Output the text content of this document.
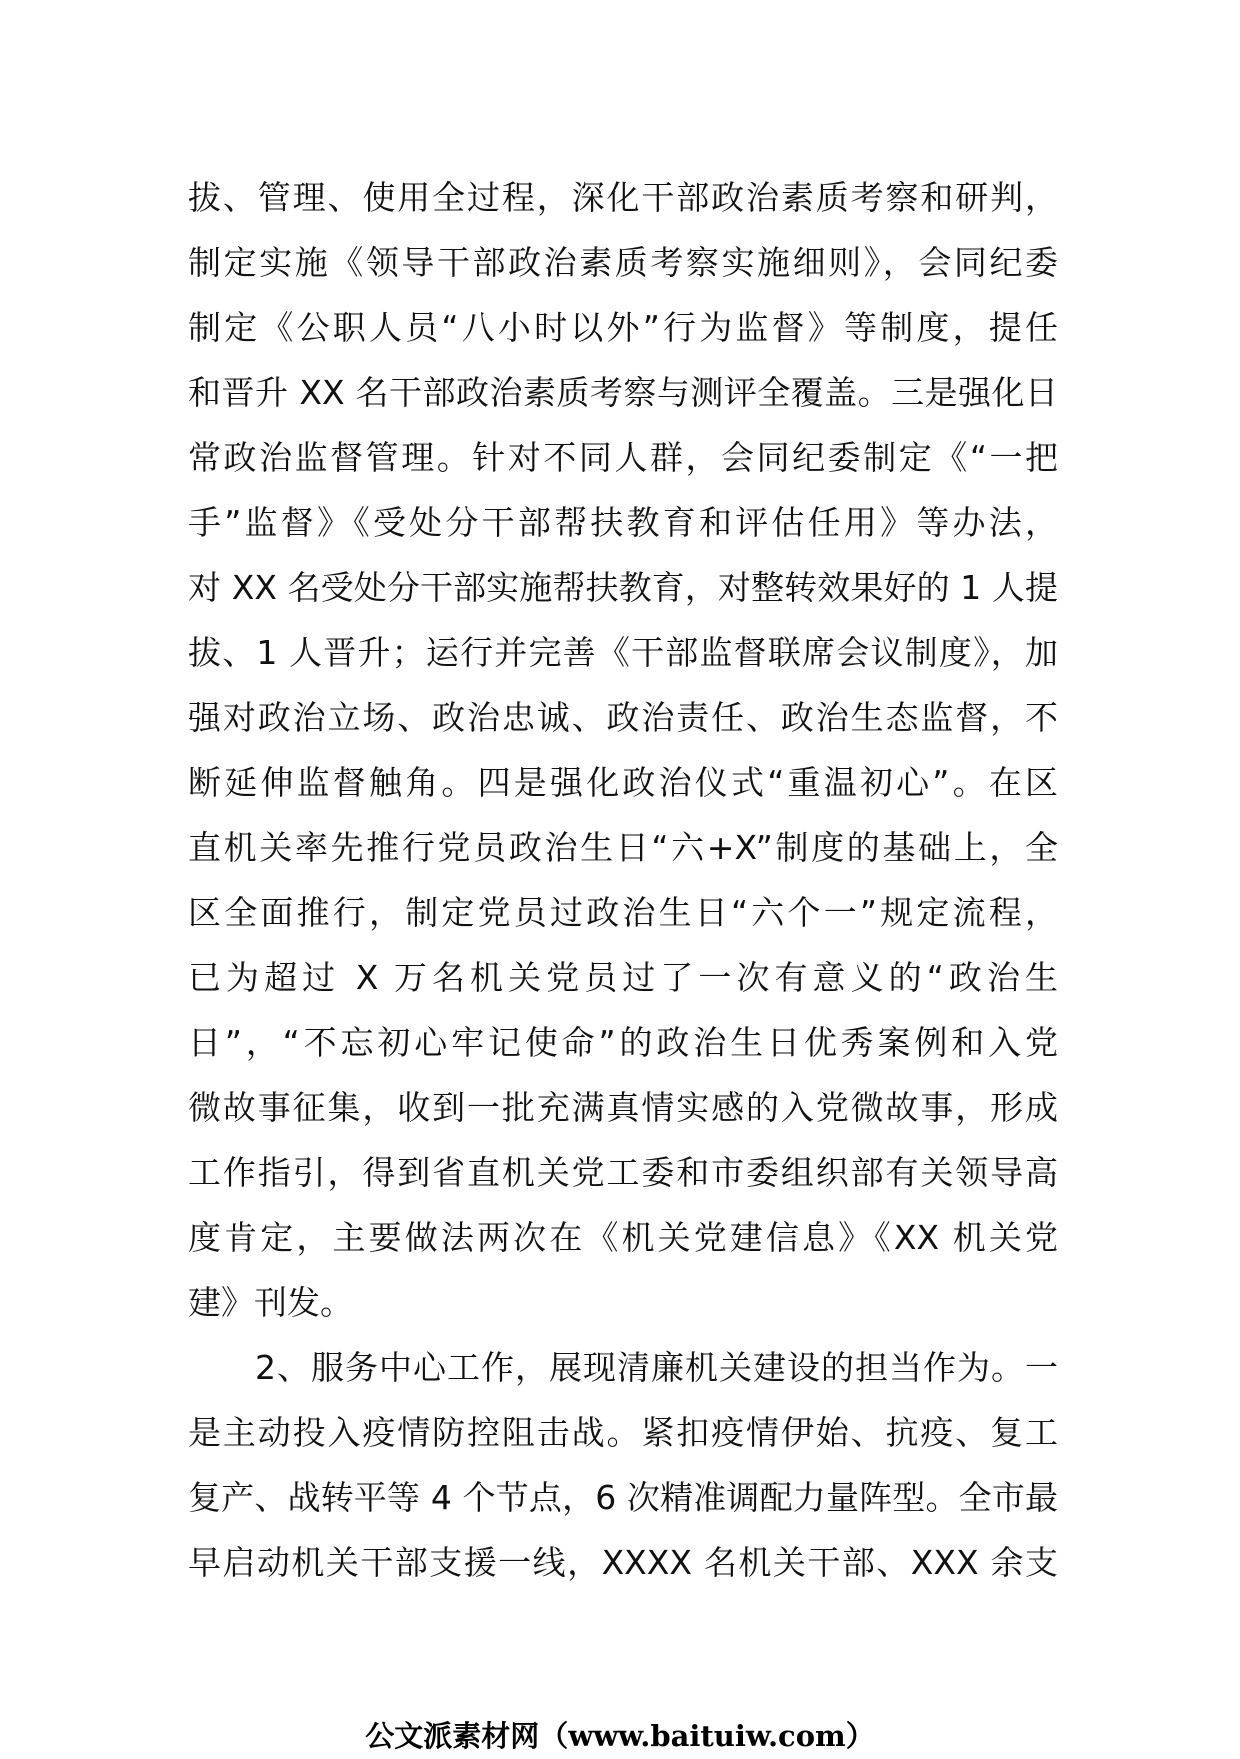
拔、管理、使用全过程，深化干部政治素质考察和研判，
制定实施《领导干部政治素质考察实施细则》，会同纪委
制定《公职人员“八小时以外”行为监督》等制度，提任
和晋升 XX 名干部政治素质考察与测评全覆盖。三是强化日
常政治监督管理。针对不同人群，会同纪委制定《“一把
手”监督》《受处分干部帮扶教育和评估任用》等办法，
对 XX 名受处分干部实施帮扶教育，对整转效果好的 1 人提
拔、1 人晋升；运行并完善《干部监督联席会议制度》，加
强对政治立场、政治忠诚、政治责任、政治生态监督，不
断延伸监督触角。四是强化政治仪式“重温初心”。在区
直机关率先推行党员政治生日“六+X”制度的基础上，全
区全面推行，制定党员过政治生日“六个一”规定流程，
已为超过 X 万名机关党员过了一次有意义的“政治生
日”，“不忘初心牢记使命”的政治生日优秀案例和入党
微故事征集，收到一批充满真情实感的入党微故事，形成
工作指引，得到省直机关党工委和市委组织部有关领导高
度肯定，主要做法两次在《机关党建信息》《XX 机关党
建》刊发。
2、服务中心工作，展现清廉机关建设的担当作为。一
是主动投入疫情防控阻击战。紧扣疫情伊始、抗疫、复工
复产、战转平等 4 个节点，6 次精准调配力量阵型。全市最
早启动机关干部支援一线，XXXX 名机关干部、XXX 余支
公文派素材网（www.baituiw.com）
